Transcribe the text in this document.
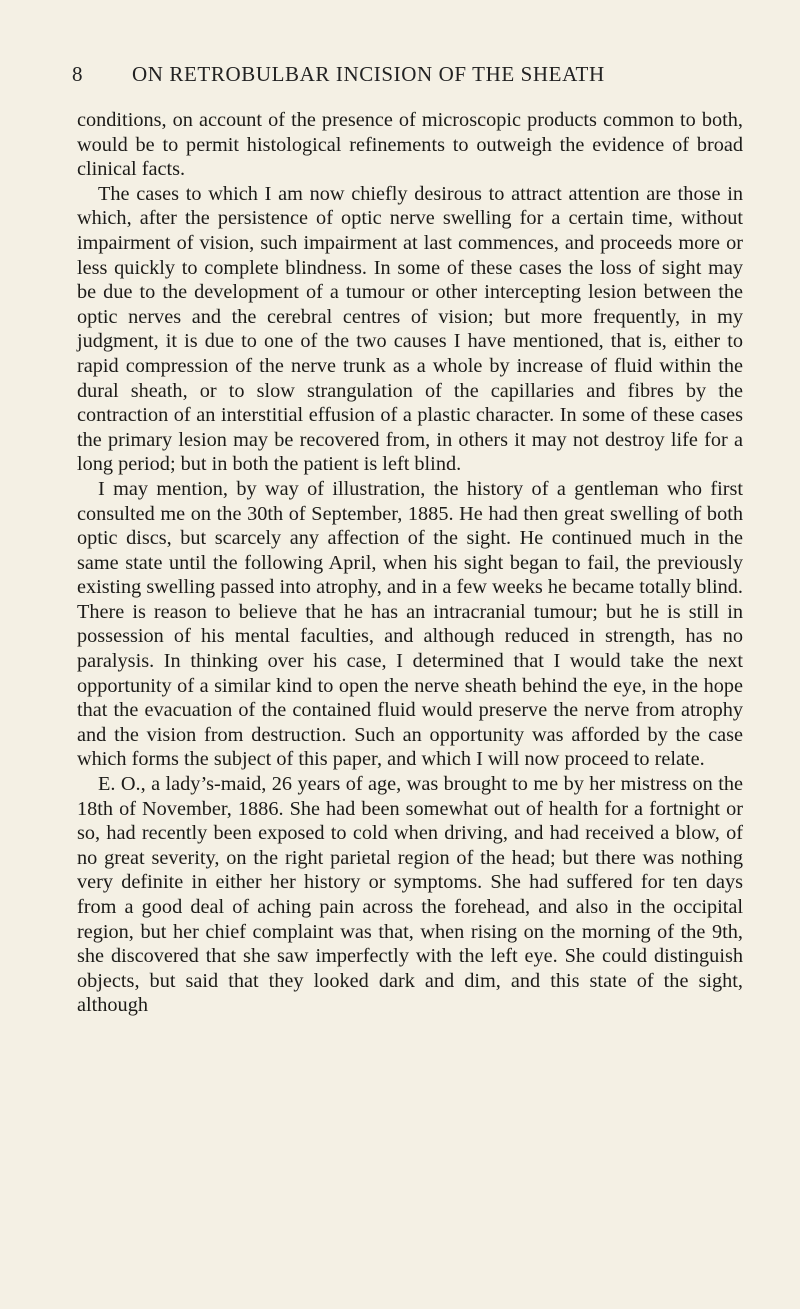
8 ON RETROBULBAR INCISION OF THE SHEATH

conditions, on account of the presence of microscopic products common to both, would be to permit histological refinements to outweigh the evidence of broad clinical facts.

The cases to which I am now chiefly desirous to attract attention are those in which, after the persistence of optic nerve swelling for a certain time, without impairment of vision, such impairment at last commences, and proceeds more or less quickly to complete blindness. In some of these cases the loss of sight may be due to the development of a tumour or other intercepting lesion between the optic nerves and the cerebral centres of vision; but more frequently, in my judgment, it is due to one of the two causes I have mentioned, that is, either to rapid compression of the nerve trunk as a whole by increase of fluid within the dural sheath, or to slow strangulation of the capillaries and fibres by the contraction of an interstitial effusion of a plastic character. In some of these cases the primary lesion may be recovered from, in others it may not destroy life for a long period; but in both the patient is left blind.

I may mention, by way of illustration, the history of a gentleman who first consulted me on the 30th of September, 1885. He had then great swelling of both optic discs, but scarcely any affection of the sight. He continued much in the same state until the following April, when his sight began to fail, the previously existing swelling passed into atrophy, and in a few weeks he became totally blind. There is reason to believe that he has an intracranial tumour; but he is still in possession of his mental faculties, and although reduced in strength, has no paralysis. In thinking over his case, I determined that I would take the next opportunity of a similar kind to open the nerve sheath behind the eye, in the hope that the evacuation of the contained fluid would preserve the nerve from atrophy and the vision from destruction. Such an opportunity was afforded by the case which forms the subject of this paper, and which I will now proceed to relate.

E. O., a lady’s-maid, 26 years of age, was brought to me by her mistress on the 18th of November, 1886. She had been somewhat out of health for a fortnight or so, had recently been exposed to cold when driving, and had received a blow, of no great severity, on the right parietal region of the head; but there was nothing very definite in either her history or symptoms. She had suffered for ten days from a good deal of aching pain across the forehead, and also in the occipital region, but her chief complaint was that, when rising on the morning of the 9th, she discovered that she saw imperfectly with the left eye. She could distinguish objects, but said that they looked dark and dim, and this state of the sight, although
